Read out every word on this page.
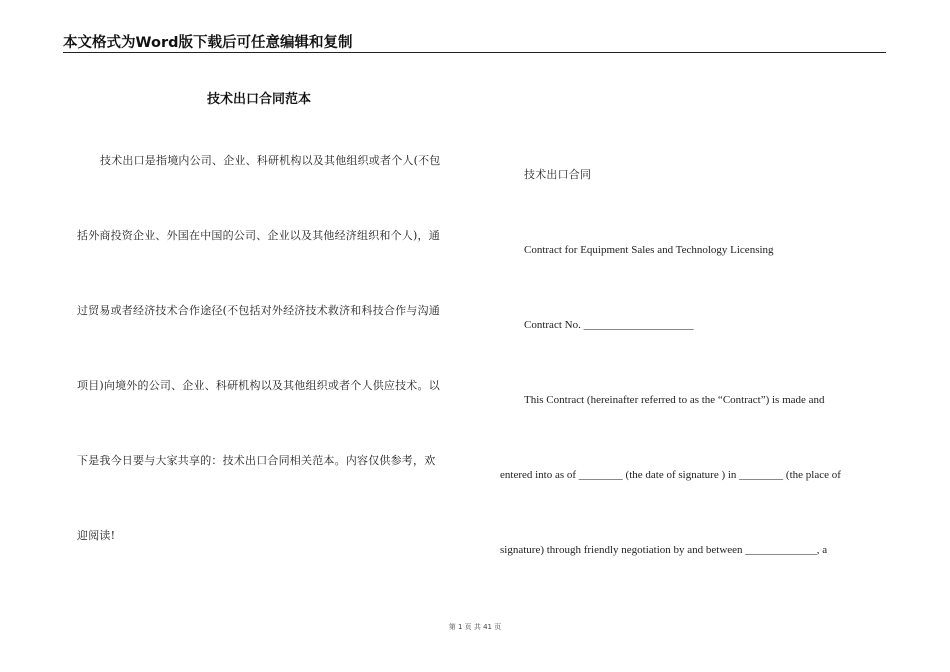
本文格式为Word版下载后可任意编辑和复制
技术出口合同范本
技术出口是指境内公司、企业、科研机构以及其他组织或者个人(不包
括外商投资企业、外国在中国的公司、企业以及其他经济组织和个人)，通
过贸易或者经济技术合作途径(不包括对外经济技术救济和科技合作与沟通
项目)向境外的公司、企业、科研机构以及其他组织或者个人供应技术。以
下是我今日要与大家共享的：技术出口合同相关范本。内容仅供参考，欢
迎阅读!
技术出口合同
Contract for Equipment Sales and Technology Licensing
Contract No. ____________________
This Contract (hereinafter referred to as the “Contract”) is made and
entered into as of ________ (the date of signature ) in ________ (the place of
signature) through friendly negotiation by and between _____________, a
第 1 页 共 41 页
